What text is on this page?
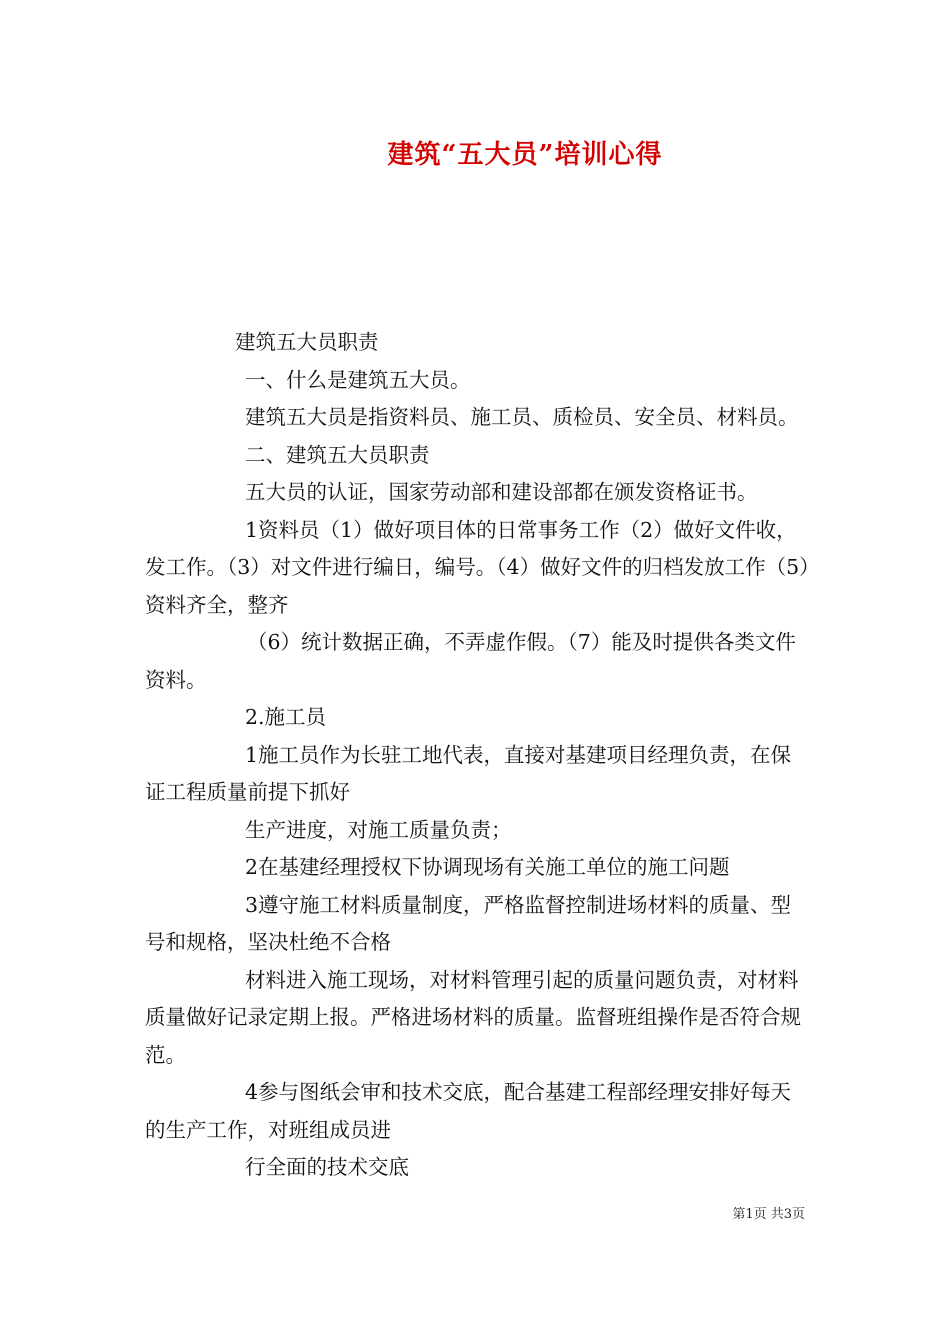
建筑“五大员”培训心得

建筑五大员职责

一、什么是建筑五大员。

建筑五大员是指资料员、施工员、质检员、安全员、材料员。

二、建筑五大员职责

五大员的认证，国家劳动部和建设部都在颁发资格证书。

1资料员（1）做好项目体的日常事务工作（2）做好文件收，发工作。（3）对文件进行编日，编号。（4）做好文件的归档发放工作（5）资料齐全，整齐

（6）统计数据正确，不弄虚作假。（7）能及时提供各类文件资料。

2.施工员

1施工员作为长驻工地代表，直接对基建项目经理负责，在保证工程质量前提下抓好

生产进度，对施工质量负责；

2在基建经理授权下协调现场有关施工单位的施工问题

3遵守施工材料质量制度，严格监督控制进场材料的质量、型号和规格，坚决杜绝不合格

材料进入施工现场，对材料管理引起的质量问题负责，对材料质量做好记录定期上报。严格进场材料的质量。监督班组操作是否符合规范。

4参与图纸会审和技术交底，配合基建工程部经理安排好每天的生产工作，对班组成员进

行全面的技术交底

第1页 共3页
